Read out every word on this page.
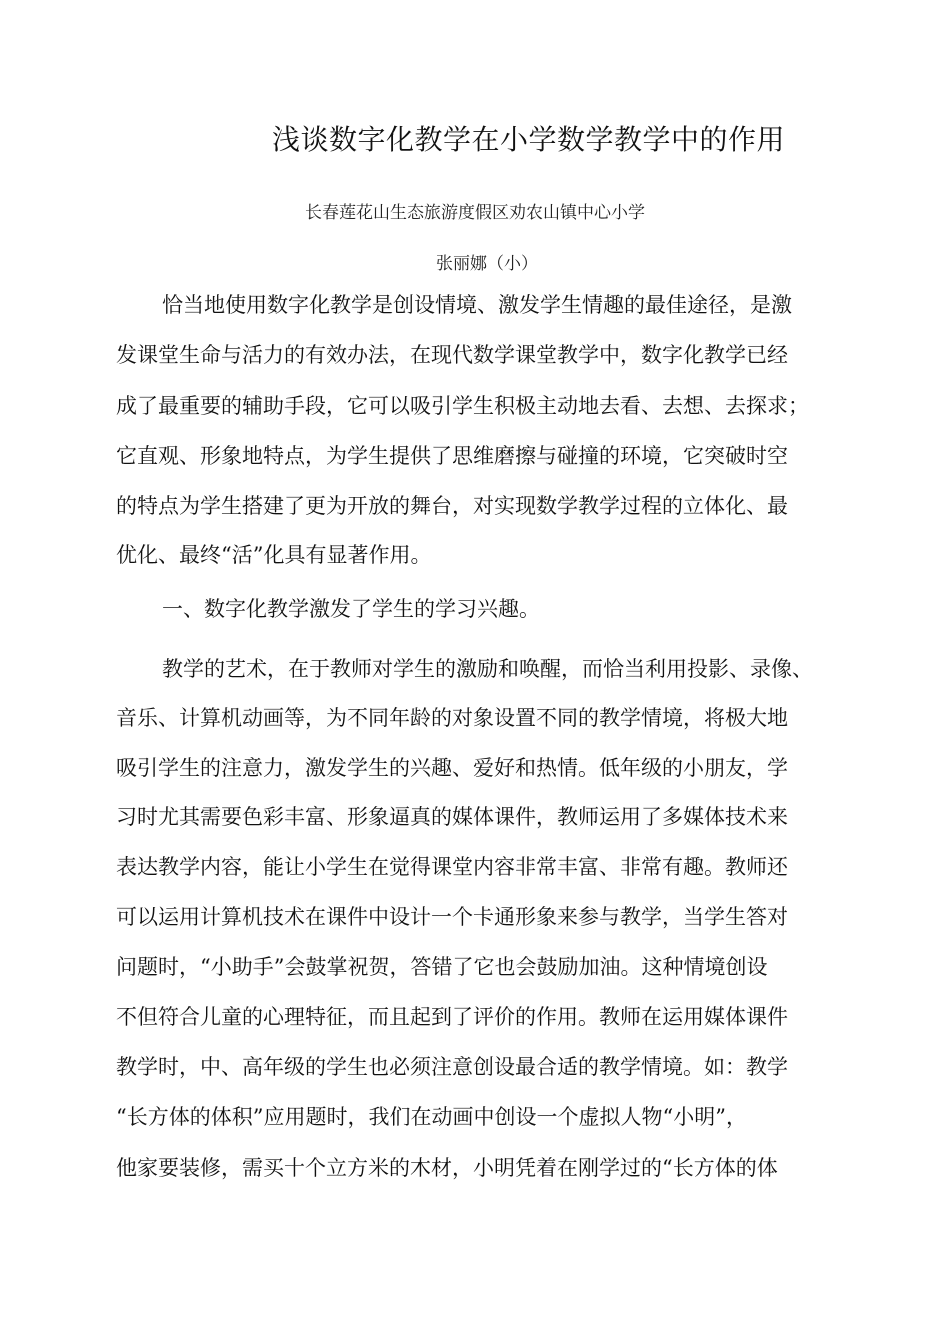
浅谈数字化教学在小学数学教学中的作用
长春莲花山生态旅游度假区劝农山镇中心小学
张丽娜（小）
恰当地使用数字化教学是创设情境、激发学生情趣的最佳途径，是激
发课堂生命与活力的有效办法，在现代数学课堂教学中，数字化教学已经
成了最重要的辅助手段，它可以吸引学生积极主动地去看、去想、去探求；
它直观、形象地特点，为学生提供了思维磨擦与碰撞的环境，它突破时空
的特点为学生搭建了更为开放的舞台，对实现数学教学过程的立体化、最
优化、最终“活”化具有显著作用。
一、数字化教学激发了学生的学习兴趣。
教学的艺术，在于教师对学生的激励和唤醒，而恰当利用投影、录像、
音乐、计算机动画等，为不同年龄的对象设置不同的教学情境，将极大地
吸引学生的注意力，激发学生的兴趣、爱好和热情。低年级的小朋友，学
习时尤其需要色彩丰富、形象逼真的媒体课件，教师运用了多媒体技术来
表达教学内容，能让小学生在觉得课堂内容非常丰富、非常有趣。教师还
可以运用计算机技术在课件中设计一个卡通形象来参与教学，当学生答对
问题时，“小助手”会鼓掌祝贺，答错了它也会鼓励加油。这种情境创设
不但符合儿童的心理特征，而且起到了评价的作用。教师在运用媒体课件
教学时，中、高年级的学生也必须注意创设最合适的教学情境。如：教学
“长方体的体积”应用题时，我们在动画中创设一个虚拟人物“小明”，
他家要装修，需买十个立方米的木材，小明凭着在刚学过的“长方体的体
